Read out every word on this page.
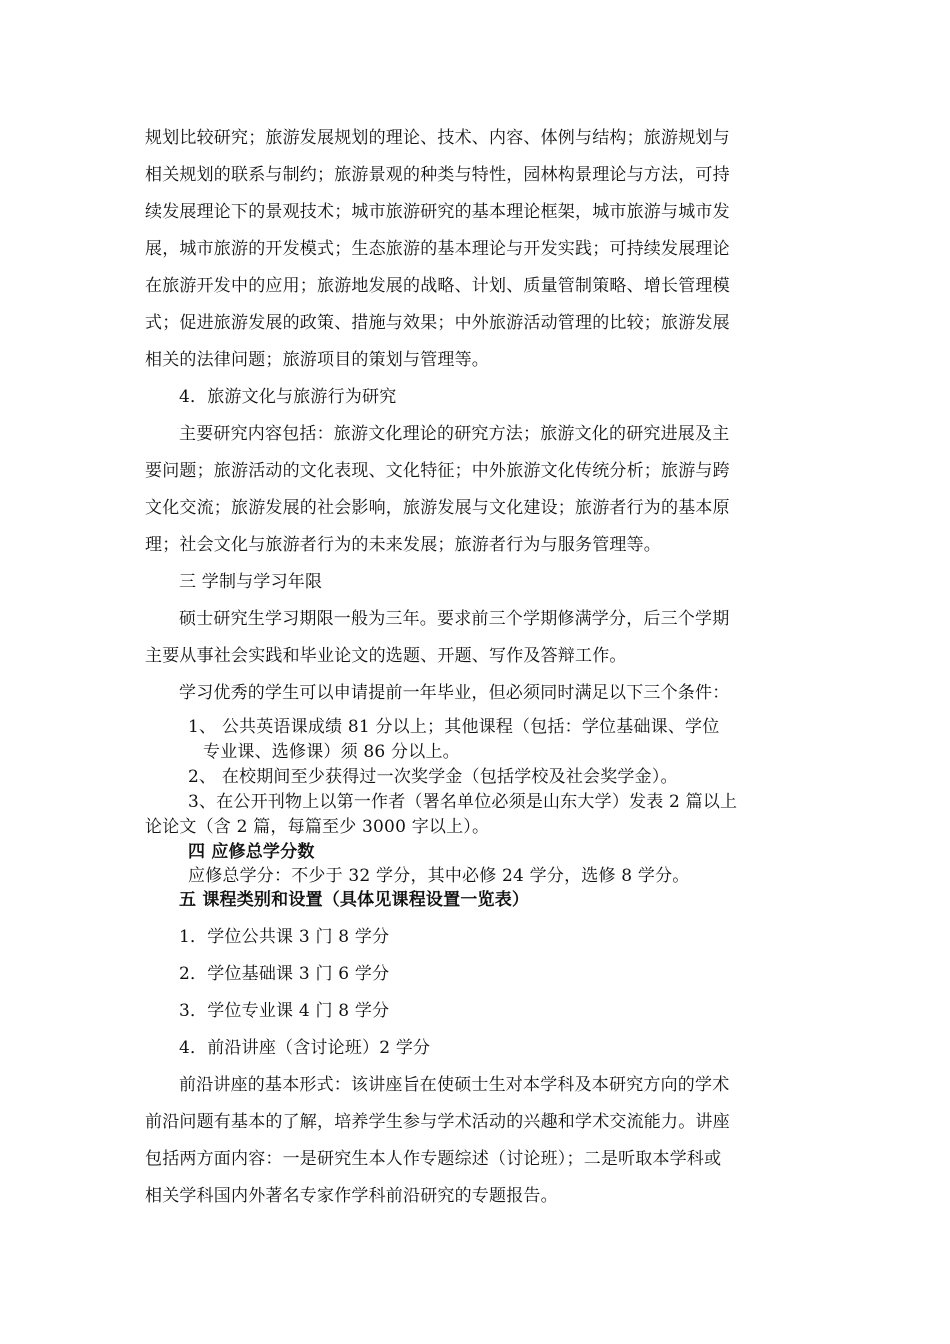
规划比较研究；旅游发展规划的理论、技术、内容、体例与结构；旅游规划与
相关规划的联系与制约；旅游景观的种类与特性，园林构景理论与方法，可持
续发展理论下的景观技术；城市旅游研究的基本理论框架，城市旅游与城市发
展，城市旅游的开发模式；生态旅游的基本理论与开发实践；可持续发展理论
在旅游开发中的应用；旅游地发展的战略、计划、质量管制策略、增长管理模
式；促进旅游发展的政策、措施与效果；中外旅游活动管理的比较；旅游发展
相关的法律问题；旅游项目的策划与管理等。
4．旅游文化与旅游行为研究
主要研究内容包括：旅游文化理论的研究方法；旅游文化的研究进展及主
要问题；旅游活动的文化表现、文化特征；中外旅游文化传统分析；旅游与跨
文化交流；旅游发展的社会影响，旅游发展与文化建设；旅游者行为的基本原
理；社会文化与旅游者行为的未来发展；旅游者行为与服务管理等。
三 学制与学习年限
硕士研究生学习期限一般为三年。要求前三个学期修满学分，后三个学期
主要从事社会实践和毕业论文的选题、开题、写作及答辩工作。
学习优秀的学生可以申请提前一年毕业，但必须同时满足以下三个条件：
1、 公共英语课成绩 81 分以上；其他课程（包括：学位基础课、学位
专业课、选修课）须 86 分以上。
2、 在校期间至少获得过一次奖学金（包括学校及社会奖学金）。
3、在公开刊物上以第一作者（署名单位必须是山东大学）发表 2 篇以上
论论文（含 2 篇，每篇至少 3000 字以上）。
四 应修总学分数
应修总学分：不少于 32 学分，其中必修 24 学分，选修 8 学分。
五 课程类别和设置（具体见课程设置一览表）
1．学位公共课 3 门 8 学分
2．学位基础课 3 门 6 学分
3．学位专业课 4 门 8 学分
4．前沿讲座（含讨论班）2 学分
前沿讲座的基本形式：该讲座旨在使硕士生对本学科及本研究方向的学术
前沿问题有基本的了解，培养学生参与学术活动的兴趣和学术交流能力。讲座
包括两方面内容：一是研究生本人作专题综述（讨论班）；二是听取本学科或
相关学科国内外著名专家作学科前沿研究的专题报告。
